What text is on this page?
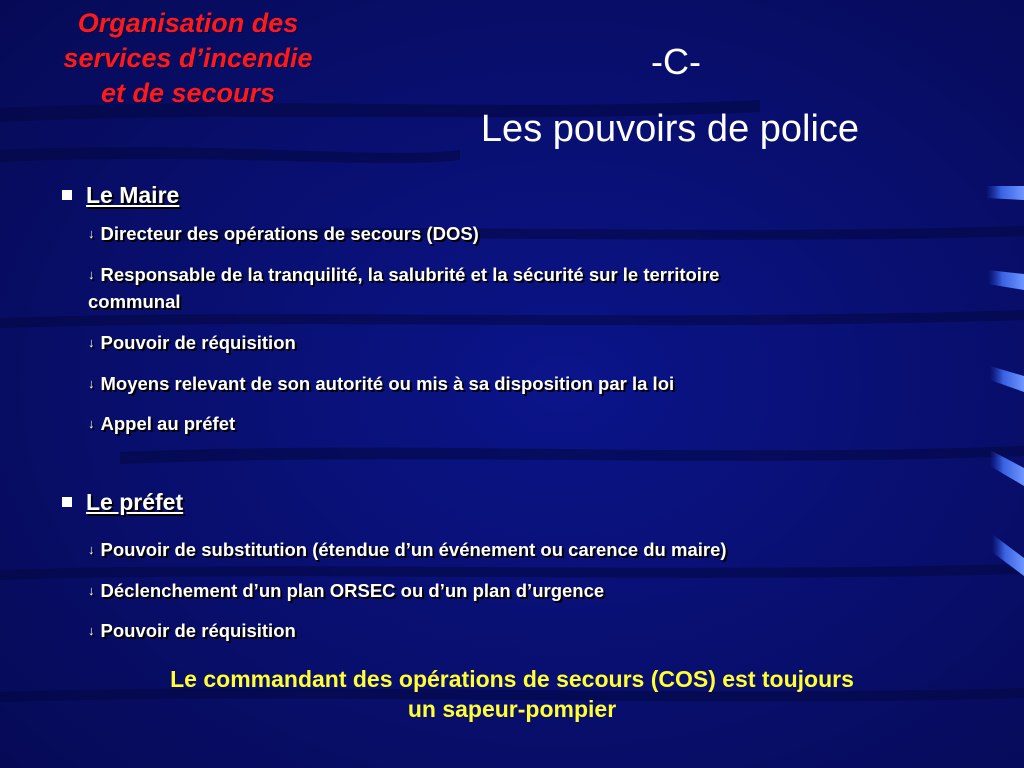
Organisation des
services d’incendie
et de secours
-C-
Les pouvoirs de police
Le Maire
↓ Directeur des opérations de secours (DOS)
↓ Responsable de la tranquilité, la salubrité et la sécurité sur le territoire
communal
↓ Pouvoir de réquisition
↓ Moyens relevant de son autorité ou mis à sa disposition par la loi
↓ Appel au préfet
Le préfet
↓ Pouvoir de substitution (étendue d’un événement ou carence du maire)
↓ Déclenchement d’un plan ORSEC ou d’un plan d’urgence
↓ Pouvoir de réquisition
Le commandant des opérations de secours (COS) est toujours
un sapeur-pompier
